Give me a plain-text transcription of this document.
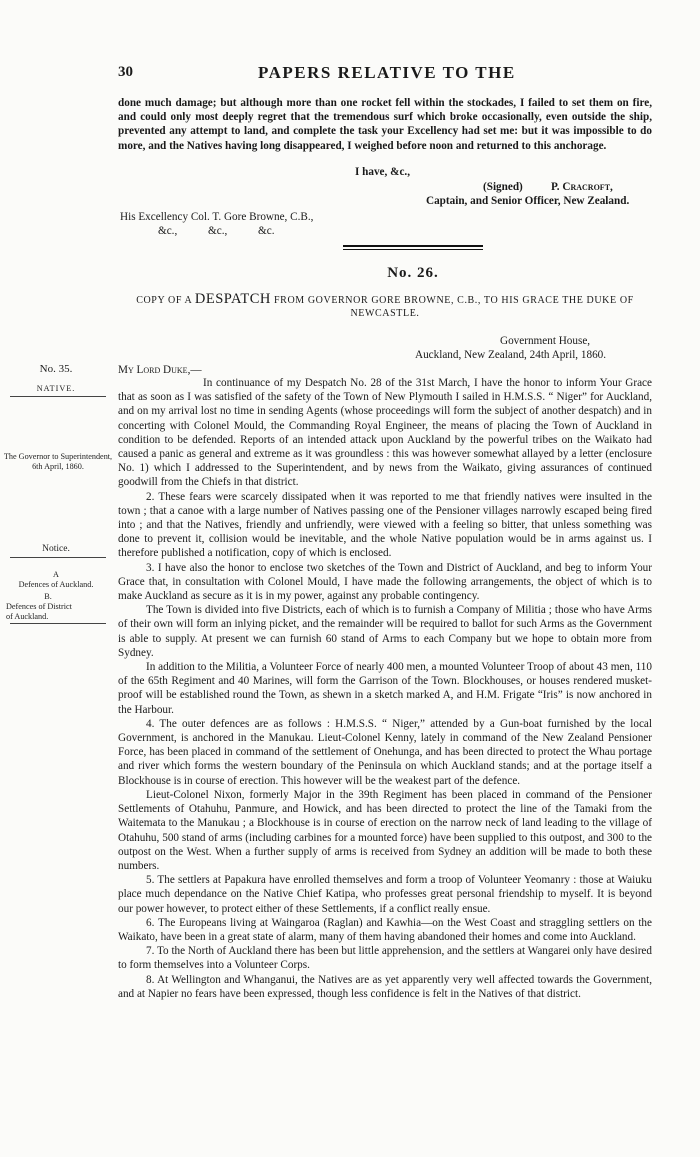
30	PAPERS RELATIVE TO THE

done much damage; but although more than one rocket fell within the stockades, I failed to set them on fire, and could only most deeply regret that the tremendous surf which broke occasionally, even outside the ship, prevented any attempt to land, and complete the task your Excellency had set me: but it was impossible to do more, and the Natives having long disappeared, I weighed before noon and returned to this anchorage.

I have, &c.,
(Signed)	P. Cracroft,
Captain, and Senior Officer, New Zealand.
His Excellency Col. T. Gore Browne, C.B.,
&c.,           &c.,           &c.
No. 26.
COPY OF A DESPATCH FROM GOVERNOR GORE BROWNE, C.B., TO HIS GRACE THE DUKE OF NEWCASTLE.
Government House,
Auckland, New Zealand, 24th April, 1860.
My Lord Duke,—

In continuance of my Despatch No. 28 of the 31st March, I have the honor to inform Your Grace that as soon as I was satisfied of the safety of the Town of New Plymouth I sailed in H.M.S.S. “ Niger” for Auckland, and on my arrival lost no time in sending Agents (whose proceedings will form the subject of another despatch) and in concerting with Colonel Mould, the Commanding Royal Engineer, the means of placing the Town of Auckland in condition to be defended. Reports of an intended attack upon Auckland by the powerful tribes on the Waikato had caused a panic as general and extreme as it was groundless : this was however somewhat allayed by a letter (enclosure No. 1) which I addressed to the Superintendent, and by news from the Waikato, giving assurances of continued goodwill from the Chiefs in that district.

2. These fears were scarcely dissipated when it was reported to me that friendly natives were insulted in the town ; that a canoe with a large number of Natives passing one of the Pensioner villages narrowly escaped being fired into ; and that the Natives, friendly and unfriendly, were viewed with a feeling so bitter, that unless something was done to prevent it, collision would be inevitable, and the whole Native population would be in arms against us. I therefore published a notification, copy of which is enclosed.

3. I have also the honor to enclose two sketches of the Town and District of Auckland, and beg to inform Your Grace that, in consultation with Colonel Mould, I have made the following arrangements, the object of which is to make Auckland as secure as it is in my power, against any probable contingency.

The Town is divided into five Districts, each of which is to furnish a Company of Militia ; those who have Arms of their own will form an inlying picket, and the remainder will be required to ballot for such Arms as the Government is able to supply. At present we can furnish 60 stand of Arms to each Company but we hope to obtain more from Sydney.

In addition to the Militia, a Volunteer Force of nearly 400 men, a mounted Volunteer Troop of about 43 men, 110 of the 65th Regiment and 40 Marines, will form the Garrison of the Town. Blockhouses, or houses rendered musket-proof will be established round the Town, as shewn in a sketch marked A, and H.M. Frigate “Iris” is now anchored in the Harbour.

4. The outer defences are as follows : H.M.S.S. “ Niger,” attended by a Gun-boat furnished by the local Government, is anchored in the Manukau. Lieut-Colonel Kenny, lately in command of the New Zealand Pensioner Force, has been placed in command of the settlement of Onehunga, and has been directed to protect the Whau portage and river which forms the western boundary of the Peninsula on which Auckland stands; and at the portage itself a Blockhouse is in course of erection. This however will be the weakest part of the defence.

Lieut-Colonel Nixon, formerly Major in the 39th Regiment has been placed in command of the Pensioner Settlements of Otahuhu, Panmure, and Howick, and has been directed to protect the line of the Tamaki from the Waitemata to the Manukau ; a Blockhouse is in course of erection on the narrow neck of land leading to the village of Otahuhu, 500 stand of arms (including carbines for a mounted force) have been supplied to this outpost, and 300 to the outpost on the West. When a further supply of arms is received from Sydney an addition will be made to both these numbers.

5. The settlers at Papakura have enrolled themselves and form a troop of Volunteer Yeomanry : those at Waiuku place much dependance on the Native Chief Katipa, who professes great personal friendship to myself. It is beyond our power however, to protect either of these Settlements, if a conflict really ensue.

6. The Europeans living at Waingaroa (Raglan) and Kawhia—on the West Coast and straggling settlers on the Waikato, have been in a great state of alarm, many of them having abandoned their homes and come into Auckland.

7. To the North of Auckland there has been but little apprehension, and the settlers at Wangarei only have desired to form themselves into a Volunteer Corps.

8. At Wellington and Whanganui, the Natives are as yet apparently very well affected towards the Government, and at Napier no fears have been expressed, though less confidence is felt in the Natives of that district.

No. 35.
NATIVE.
The Governor to Superintendent, 6th April, 1860.
Notice.
A
Defences of Auckland.
B.
Defences of District of Auckland.
